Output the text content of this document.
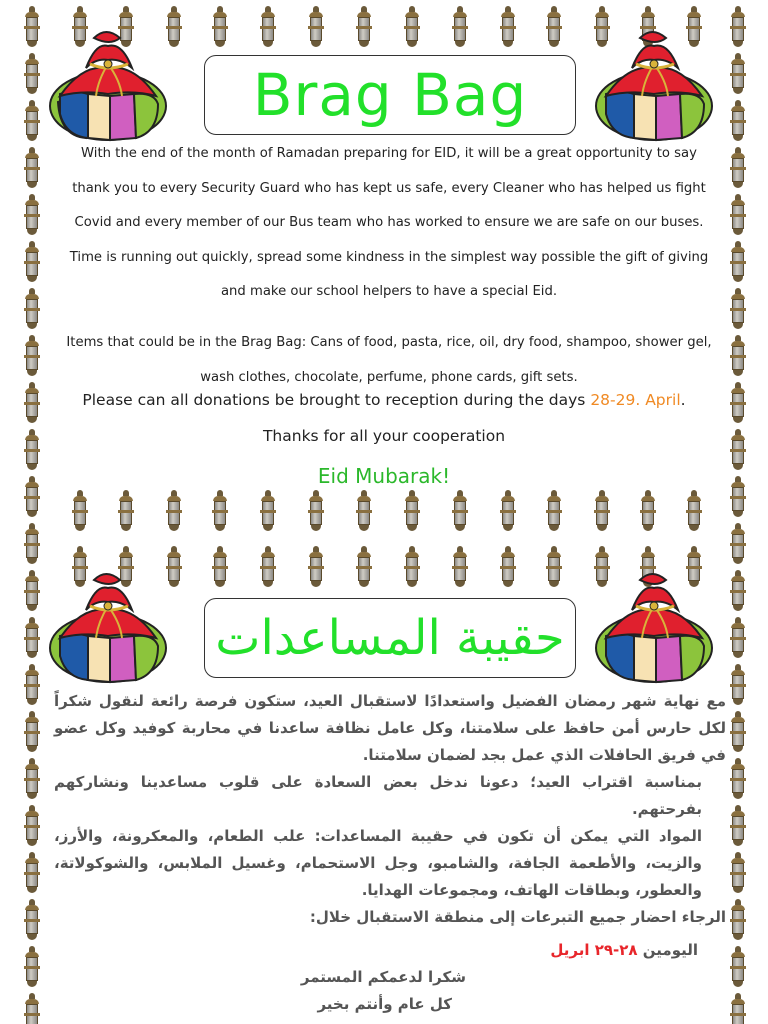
Brag Bag
With the end of the month of Ramadan preparing for EID, it will be a great opportunity to say
thank you to every Security Guard who has kept us safe, every Cleaner who has helped us fight
Covid and every member of our Bus team who has worked to ensure we are safe on our buses.
Time is running out quickly, spread some kindness in the simplest way possible the gift of giving
and make our school helpers to have a special Eid.
Items that could be in the Brag Bag: Cans of food, pasta, rice, oil, dry food, shampoo, shower gel,
wash clothes, chocolate, perfume, phone cards, gift sets.
Please can all donations be brought to reception during the days 28-29. April.
Thanks for all your cooperation
Eid Mubarak!
حقيبة المساعدات
مع نهاية شهر رمضان الفضيل واستعدادًا لاستقبال العيد، ستكون فرصة رائعة لنقول شكراً لكل حارس أمن حافظ على سلامتنا، وكل عامل نظافة ساعدنا في محاربة كوفيد وكل عضو في فريق الحافلات الذي عمل بجد لضمان سلامتنا.
بمناسبة اقتراب العيد؛ دعونا ندخل بعض السعادة على قلوب مساعدينا ونشاركهم بفرحتهم.
المواد التي يمكن أن تكون في حقيبة المساعدات: علب الطعام، والمعكرونة، والأرز، والزيت، والأطعمة الجافة، والشامبو، وجل الاستحمام، وغسيل الملابس، والشوكولاتة، والعطور، وبطاقات الهاتف، ومجموعات الهدايا.
الرجاء احضار جميع التبرعات إلى منطقة الاستقبال خلال:
اليومين ٢٨-٢٩ ابريل
شكرا لدعمكم المستمر
كل عام وأنتم بخير
